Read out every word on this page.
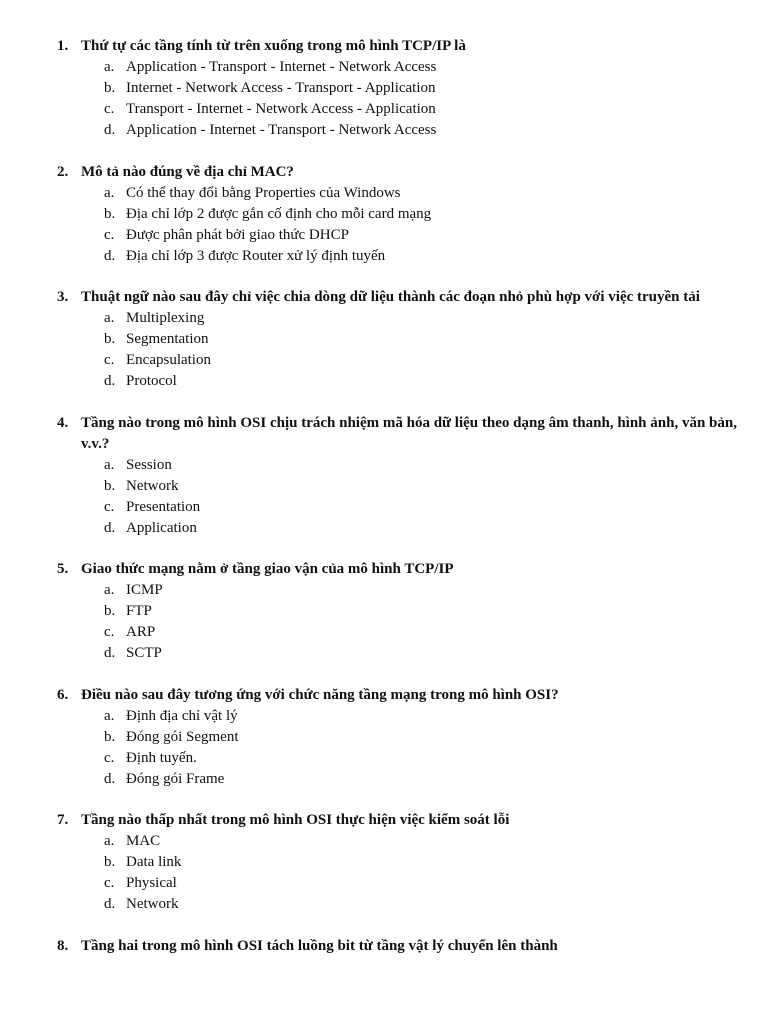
1. Thứ tự các tầng tính từ trên xuống trong mô hình TCP/IP là
a. Application - Transport - Internet - Network Access
b. Internet - Network Access - Transport - Application
c. Transport - Internet - Network Access - Application
d. Application - Internet - Transport - Network Access
2. Mô tả nào đúng về địa chỉ MAC?
a. Có thể thay đổi bằng Properties của Windows
b. Địa chỉ lớp 2 được gắn cố định cho mỗi card mạng
c. Được phân phát bởi giao thức DHCP
d. Địa chỉ lớp 3 được Router xử lý định tuyến
3. Thuật ngữ nào sau đây chỉ việc chia dòng dữ liệu thành các đoạn nhỏ phù hợp với việc truyền tải
a. Multiplexing
b. Segmentation
c. Encapsulation
d. Protocol
4. Tầng nào trong mô hình OSI chịu trách nhiệm mã hóa dữ liệu theo dạng âm thanh, hình ảnh, văn bản, v.v.?
a. Session
b. Network
c. Presentation
d. Application
5. Giao thức mạng nằm ở tầng giao vận của mô hình TCP/IP
a. ICMP
b. FTP
c. ARP
d. SCTP
6. Điều nào sau đây tương ứng với chức năng tầng mạng trong mô hình OSI?
a. Định địa chỉ vật lý
b. Đóng gói Segment
c. Định tuyến.
d. Đóng gói Frame
7. Tầng nào thấp nhất trong mô hình OSI thực hiện việc kiểm soát lỗi
a. MAC
b. Data link
c. Physical
d. Network
8. Tầng hai trong mô hình OSI tách luồng bit từ tầng vật lý chuyển lên thành
